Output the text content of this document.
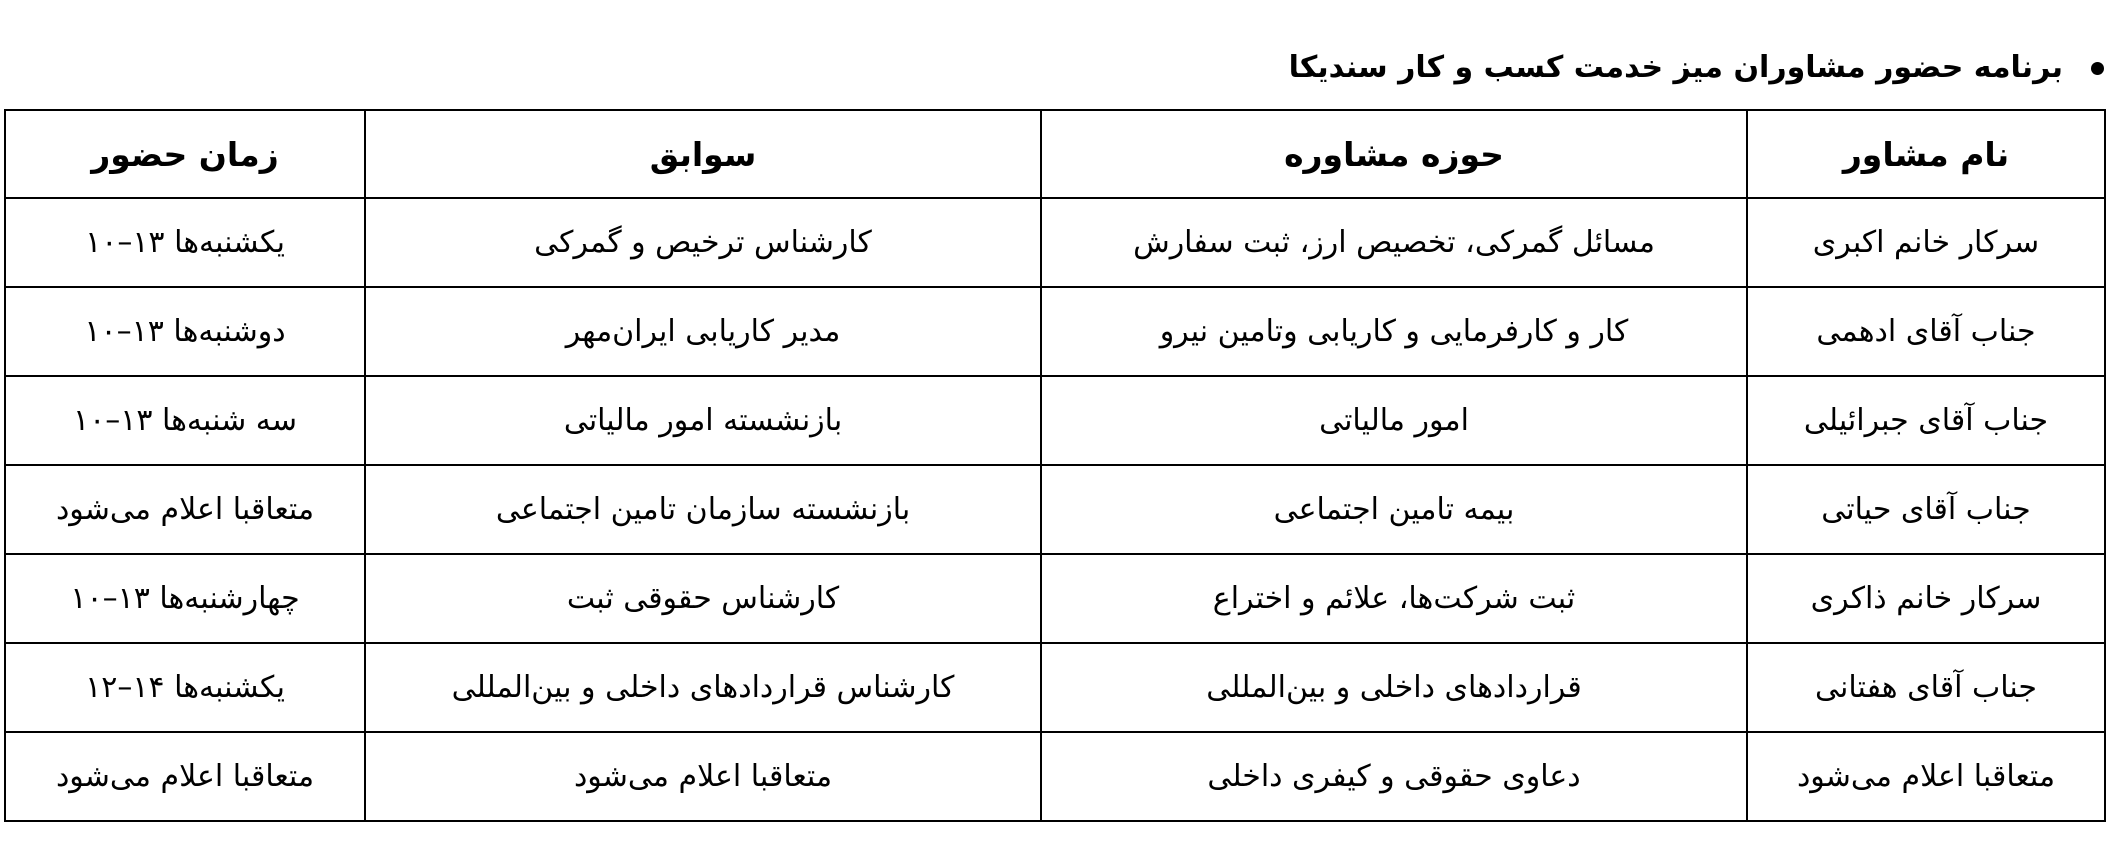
برنامه حضور مشاوران میز خدمت کسب و کار سندیکا
نام مشاور	حوزه مشاوره	سوابق	زمان حضور
سرکار خانم اکبری	مسائل گمرکی، تخصیص ارز، ثبت سفارش	کارشناس ترخیص و گمرکی	یکشنبه‌ها ۱۳–۱۰
جناب آقای ادهمی	کار و کارفرمایی و کاریابی وتامین نیرو	مدیر کاریابی ایران‌مهر	دوشنبه‌ها ۱۳–۱۰
جناب آقای جبرائیلی	امور مالیاتی	بازنشسته امور مالیاتی	سه شنبه‌ها ۱۳–۱۰
جناب آقای حیاتی	بیمه تامین اجتماعی	بازنشسته سازمان تامین اجتماعی	متعاقبا اعلام می‌شود
سرکار خانم ذاکری	ثبت شرکت‌ها، علائم و اختراع	کارشناس حقوقی ثبت	چهارشنبه‌ها ۱۳–۱۰
جناب آقای هفتانی	قراردادهای داخلی و بین‌المللی	کارشناس قراردادهای داخلی و بین‌المللی	یکشنبه‌ها ۱۴–۱۲
متعاقبا اعلام می‌شود	دعاوی حقوقی و کیفری داخلی	متعاقبا اعلام می‌شود	متعاقبا اعلام می‌شود
